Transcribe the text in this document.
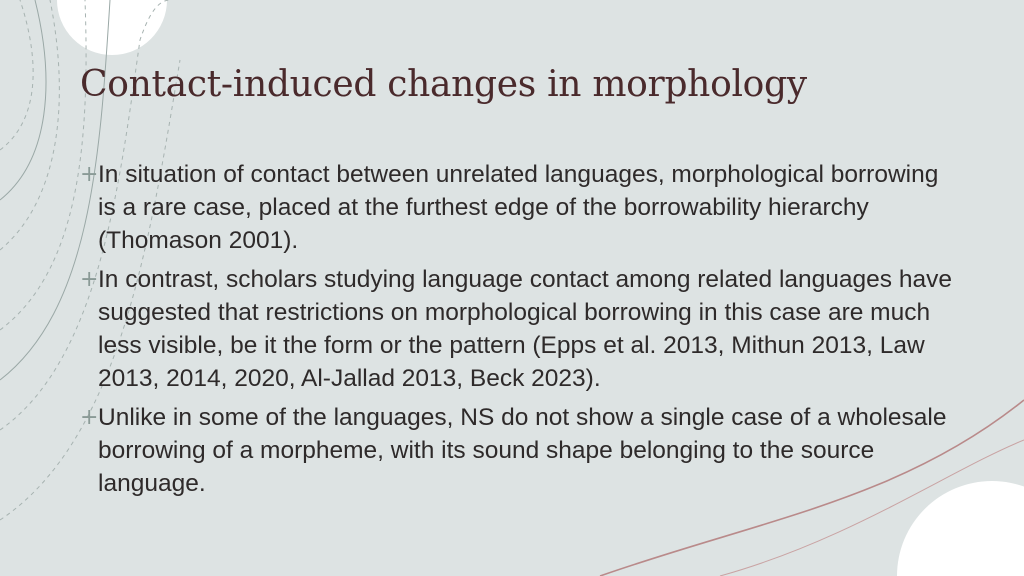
Contact-induced changes in morphology
+ In situation of contact between unrelated languages, morphological borrowing is a rare case, placed at the furthest edge of the borrowability hierarchy (Thomason 2001).
+ In contrast, scholars studying language contact among related languages have suggested that restrictions on morphological borrowing in this case are much less visible, be it the form or the pattern (Epps et al. 2013, Mithun 2013, Law 2013, 2014, 2020, Al-Jallad 2013, Beck 2023).
+ Unlike in some of the languages, NS do not show a single case of a wholesale borrowing of a morpheme, with its sound shape belonging to the source language.
